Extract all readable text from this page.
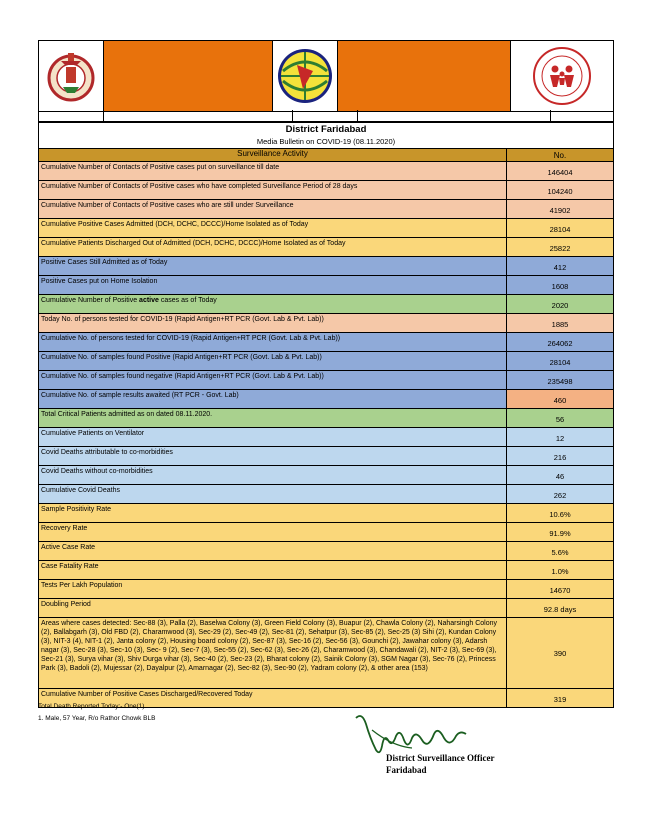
District Faridabad
Media Bulletin on COVID-19 (08.11.2020)
Surveillance Activity	No.
Cumulative Number of Contacts of Positive cases put on surveillance till date
146404
Cumulative Number of Contacts of Positive cases who have completed Surveillance Period of 28 days
104240
Cumulative Number of Contacts of Positive cases who are still under Surveillance
41902
Cumulative Positive Cases Admitted (DCH, DCHC, DCCC)/Home Isolated as of Today
28104
Cumulative Patients Discharged Out of Admitted (DCH, DCHC, DCCC)/Home Isolated as of Today
25822
Positive Cases Still Admitted as of Today
412
Positive Cases put on Home Isolation
1608
Cumulative Number of Positive active cases as of Today
2020
Today No. of persons tested for COVID-19 (Rapid Antigen+RT PCR (Govt. Lab & Pvt. Lab))
1885
Cumulative No. of persons tested for COVID-19 (Rapid Antigen+RT PCR (Govt. Lab & Pvt. Lab))
264062
Cumulative No. of samples found Positive (Rapid Antigen+RT PCR (Govt. Lab & Pvt. Lab))
28104
Cumulative No. of samples found negative (Rapid Antigen+RT PCR (Govt. Lab & Pvt. Lab))
235498
Cumulative No. of sample results awaited (RT PCR - Govt. Lab)
460
Total Critical Patients admitted as on dated 08.11.2020.
56
Cumulative Patients on Ventilator
12
Covid Deaths attributable to co-morbidities
216
Covid Deaths without co-morbidities
46
Cumulative Covid Deaths
262
Sample Positivity Rate
10.6%
Recovery Rate
91.9%
Active Case Rate
5.6%
Case Fatality Rate
1.0%
Tests Per Lakh Population
14670
Doubling Period
92.8 days
Areas where cases detected: Sec-88 (3), Palla (2), Baselwa Colony (3), Green Field Colony (3), Buapur (2), Chawla Colony (2), Naharsingh Colony (2), Ballabgarh (3), Old FBD (2), Charamwood (3), Sec-29 (2), Sec-49 (2), Sec-81 (2), Sehatpur (3), Sec-85 (2), Sec-25 (3) Sihi (2), Kundan Colony (3), NIT-3 (4), NIT-1 (2), Janta colony (2), Housing board colony (2), Sec-87 (3), Sec-16 (2), Sec-56 (3), Gounchi (2), Jawahar colony (3), Adarsh nagar (3), Sec-28 (3), Sec-10 (3), Sec- 9 (2), Sec-7 (3), Sec-55 (2), Sec-62 (3), Sec-26 (2), Charamwood (3), Chandawali (2), NIT-2 (3), Sec-69 (3), Sec-21 (3), Surya vihar (3), Shiv Durga vihar (3), Sec-40 (2), Sec-23 (2), Bharat colony (2), Sainik Colony (3), SGM Nagar (3), Sec-76 (2), Princess Park (3), Badoli (2), Mujessar (2), Dayalpur (2), Amarnagar (2), Sec-82 (3), Sec-90 (2), Yadram colony (2), & other area (153)
390
Cumulative Number of Positive Cases Discharged/Recovered Today
319
Total Death Reported Today:- One(1)
1. Male, 57 Year, R/o Rathor Chowk BLB
District Surveillance Officer
Faridabad
